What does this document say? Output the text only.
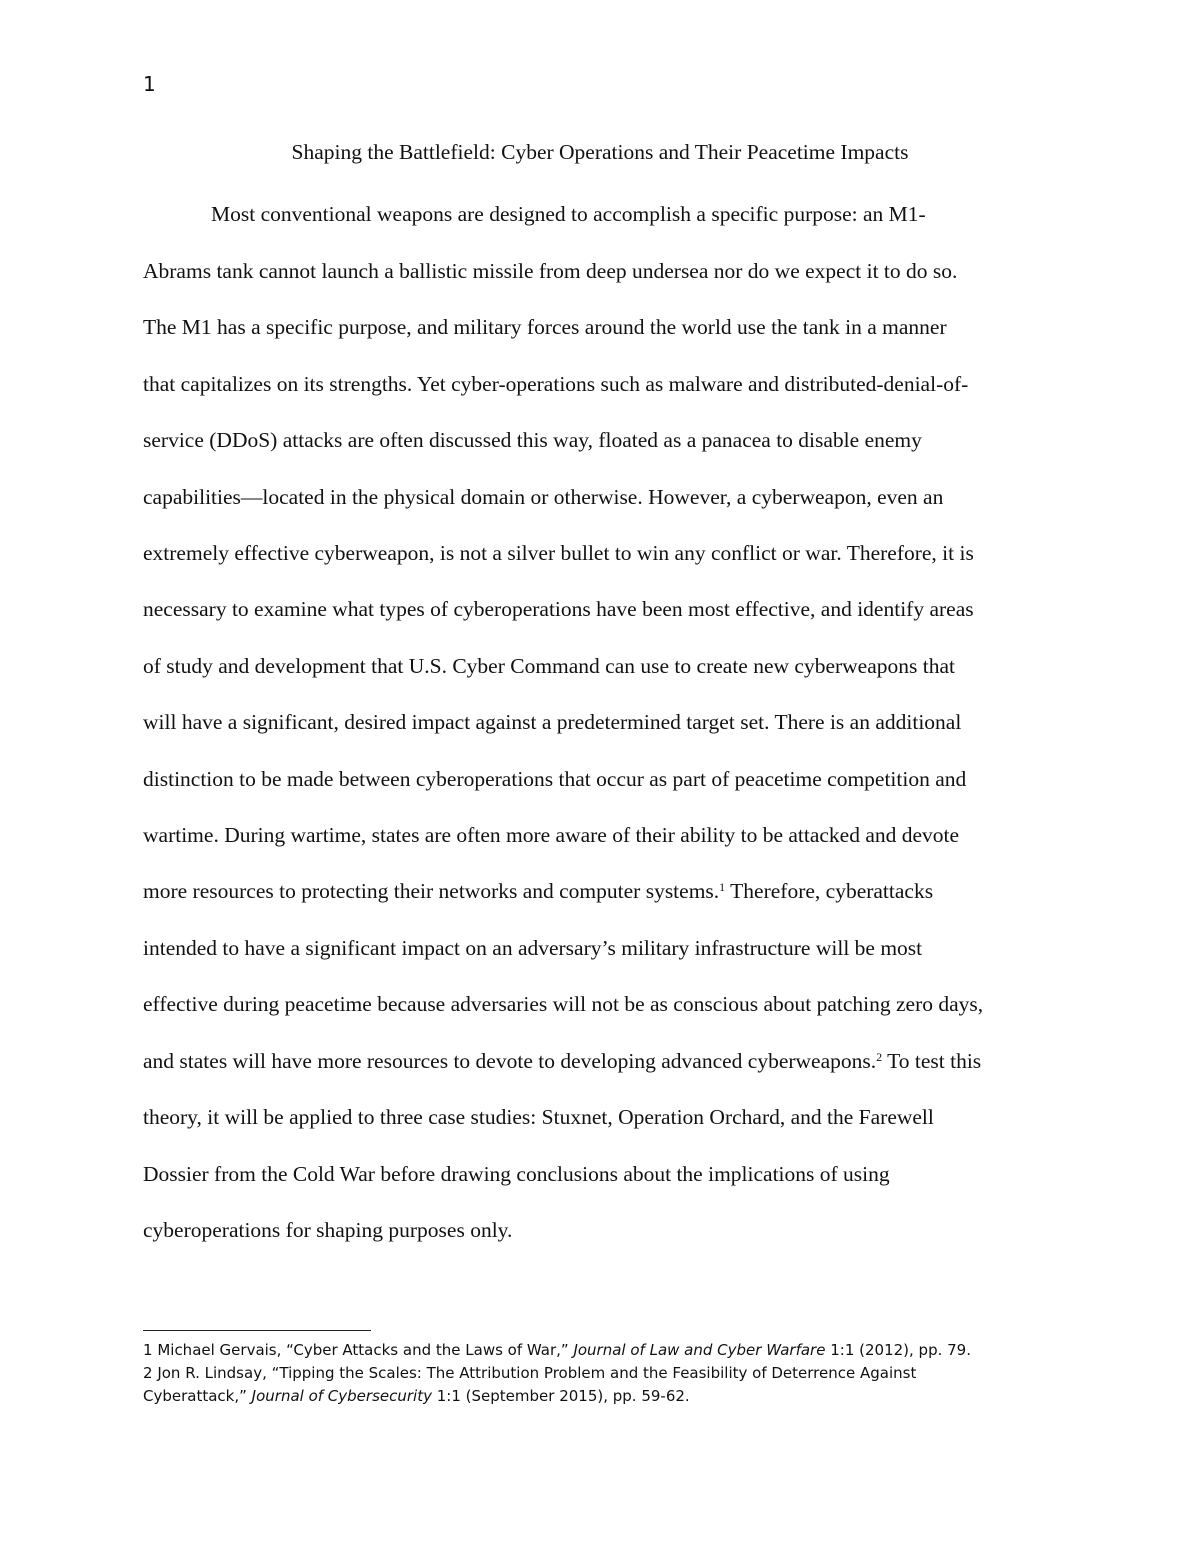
1
Shaping the Battlefield: Cyber Operations and Their Peacetime Impacts
Most conventional weapons are designed to accomplish a specific purpose: an M1-
Abrams tank cannot launch a ballistic missile from deep undersea nor do we expect it to do so.
The M1 has a specific purpose, and military forces around the world use the tank in a manner
that capitalizes on its strengths. Yet cyber-operations such as malware and distributed-denial-of-
service (DDoS) attacks are often discussed this way, floated as a panacea to disable enemy
capabilities—located in the physical domain or otherwise. However, a cyberweapon, even an
extremely effective cyberweapon, is not a silver bullet to win any conflict or war. Therefore, it is
necessary to examine what types of cyberoperations have been most effective, and identify areas
of study and development that U.S. Cyber Command can use to create new cyberweapons that
will have a significant, desired impact against a predetermined target set. There is an additional
distinction to be made between cyberoperations that occur as part of peacetime competition and
wartime. During wartime, states are often more aware of their ability to be attacked and devote
more resources to protecting their networks and computer systems.$^1$ Therefore, cyberattacks
intended to have a significant impact on an adversary’s military infrastructure will be most
effective during peacetime because adversaries will not be as conscious about patching zero days,
and states will have more resources to devote to developing advanced cyberweapons.$^2$ To test this
theory, it will be applied to three case studies: Stuxnet, Operation Orchard, and the Farewell
Dossier from the Cold War before drawing conclusions about the implications of using
cyberoperations for shaping purposes only.
1 Michael Gervais, “Cyber Attacks and the Laws of War,” Journal of Law and Cyber Warfare 1:1 (2012), pp. 79.
2 Jon R. Lindsay, “Tipping the Scales: The Attribution Problem and the Feasibility of Deterrence Against
Cyberattack,” Journal of Cybersecurity 1:1 (September 2015), pp. 59-62.
